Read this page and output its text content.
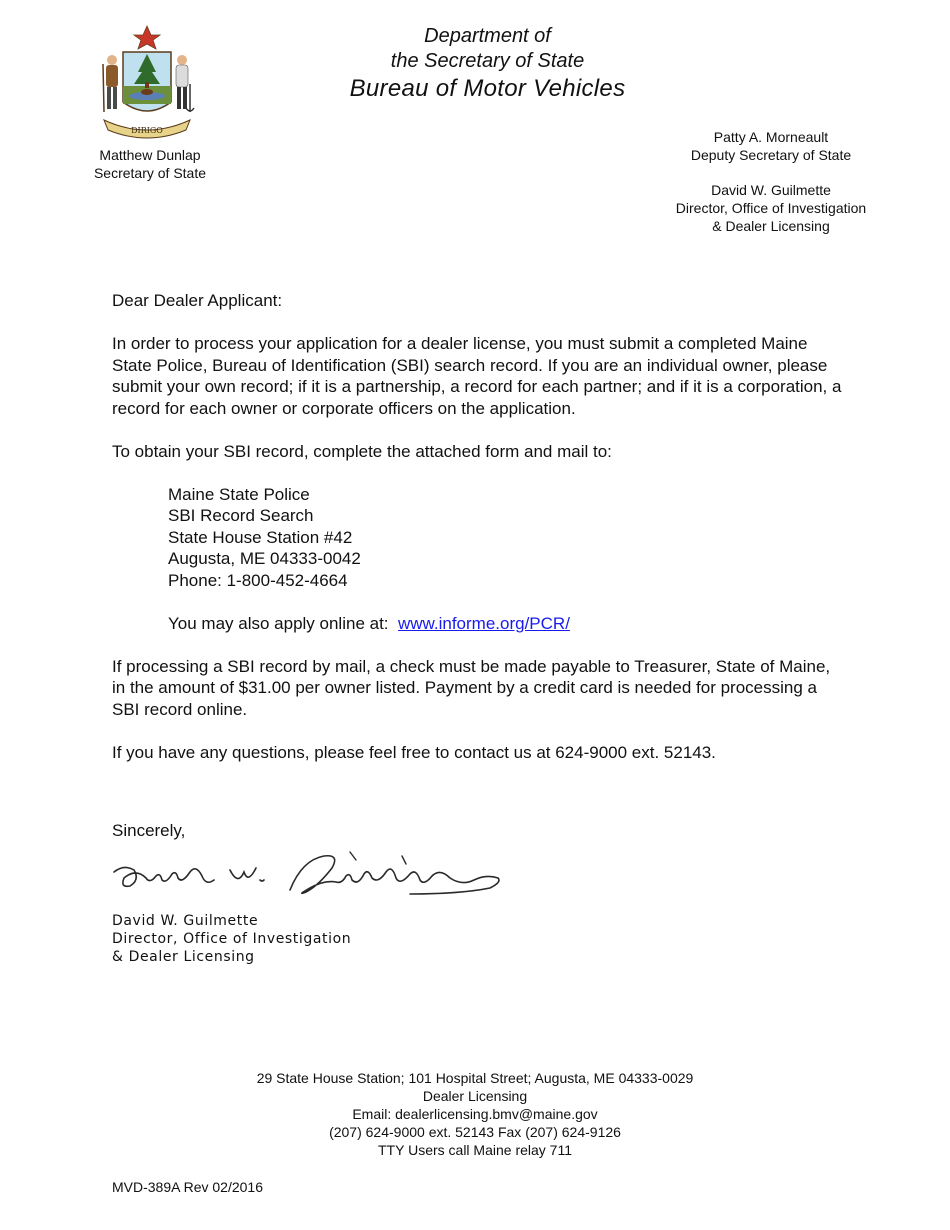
Department of
the Secretary of State
Bureau of Motor Vehicles
DIRIGO
Matthew Dunlap
Secretary of State
Patty A. Morneault
Deputy Secretary of State
David W. Guilmette
Director, Office of Investigation
& Dealer Licensing

Dear Dealer Applicant:

In order to process your application for a dealer license, you must submit a completed Maine State Police, Bureau of Identification (SBI) search record. If you are an individual owner, please submit your own record; if it is a partnership, a record for each partner; and if it is a corporation, a record for each owner or corporate officers on the application.

To obtain your SBI record, complete the attached form and mail to:

Maine State Police
SBI Record Search
State House Station #42
Augusta, ME 04333-0042
Phone: 1-800-452-4664
You may also apply online at: www.informe.org/PCR/

If processing a SBI record by mail, a check must be made payable to Treasurer, State of Maine, in the amount of $31.00 per owner listed. Payment by a credit card is needed for processing a SBI record online.

If you have any questions, please feel free to contact us at 624-9000 ext. 52143.

Sincerely,
David W. Guilmette
Director, Office of Investigation
& Dealer Licensing
29 State House Station; 101 Hospital Street; Augusta, ME 04333-0029
Dealer Licensing
Email: dealerlicensing.bmv@maine.gov
(207) 624-9000 ext. 52143 Fax (207) 624-9126
TTY Users call Maine relay 711
MVD-389A Rev 02/2016
